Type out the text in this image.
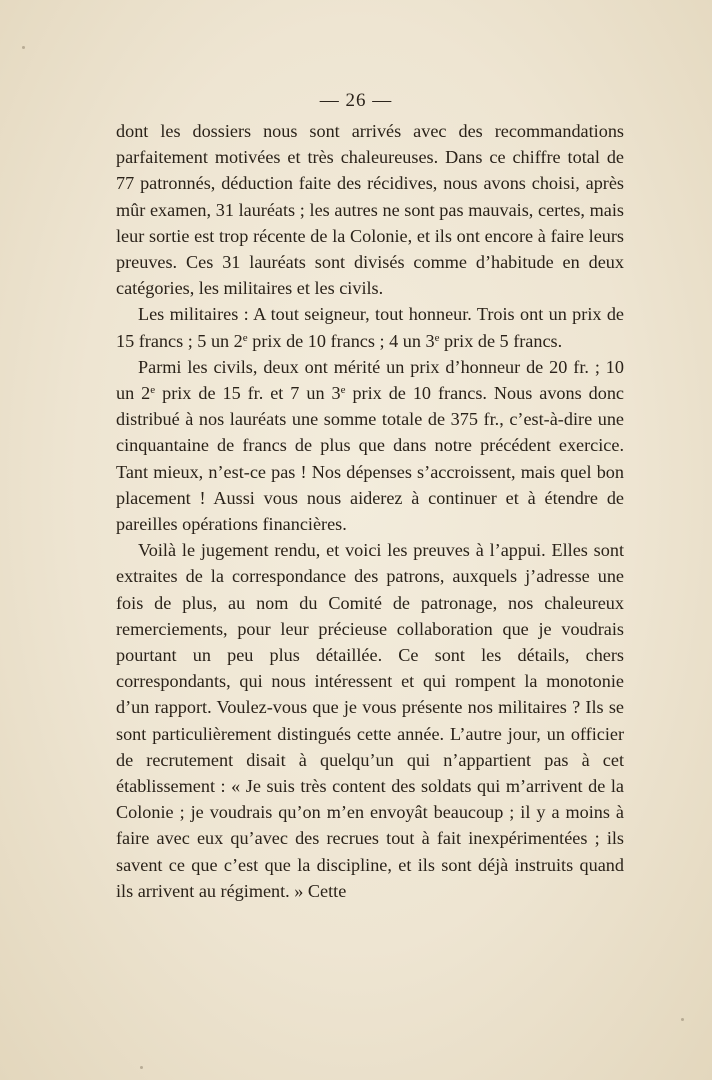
— 26 —

dont les dossiers nous sont arrivés avec des recommandations parfaitement motivées et très chaleureuses. Dans ce chiffre total de 77 patronnés, déduction faite des récidives, nous avons choisi, après mûr examen, 31 lauréats ; les autres ne sont pas mauvais, certes, mais leur sortie est trop récente de la Colonie, et ils ont encore à faire leurs preuves. Ces 31 lauréats sont divisés comme d’habitude en deux catégories, les militaires et les civils.

Les militaires : A tout seigneur, tout honneur. Trois ont un prix de 15 francs ; 5 un 2e prix de 10 francs ; 4 un 3e prix de 5 francs.

Parmi les civils, deux ont mérité un prix d’honneur de 20 fr. ; 10 un 2e prix de 15 fr. et 7 un 3e prix de 10 francs. Nous avons donc distribué à nos lauréats une somme totale de 375 fr., c’est-à-dire une cinquantaine de francs de plus que dans notre précédent exercice. Tant mieux, n’est-ce pas ! Nos dépenses s’accroissent, mais quel bon placement ! Aussi vous nous aiderez à continuer et à étendre de pareilles opérations financières.

Voilà le jugement rendu, et voici les preuves à l’appui. Elles sont extraites de la correspondance des patrons, auxquels j’adresse une fois de plus, au nom du Comité de patronage, nos chaleureux remerciements, pour leur précieuse collaboration que je voudrais pourtant un peu plus détaillée. Ce sont les détails, chers correspondants, qui nous intéressent et qui rompent la monotonie d’un rapport. Voulez-vous que je vous présente nos militaires ? Ils se sont particulièrement distingués cette année. L’autre jour, un officier de recrutement disait à quelqu’un qui n’appartient pas à cet établissement : « Je suis très content des soldats qui m’arrivent de la Colonie ; je voudrais qu’on m’en envoyât beaucoup ; il y a moins à faire avec eux qu’avec des recrues tout à fait inexpérimentées ; ils savent ce que c’est que la discipline, et ils sont déjà instruits quand ils arrivent au régiment. » Cette
